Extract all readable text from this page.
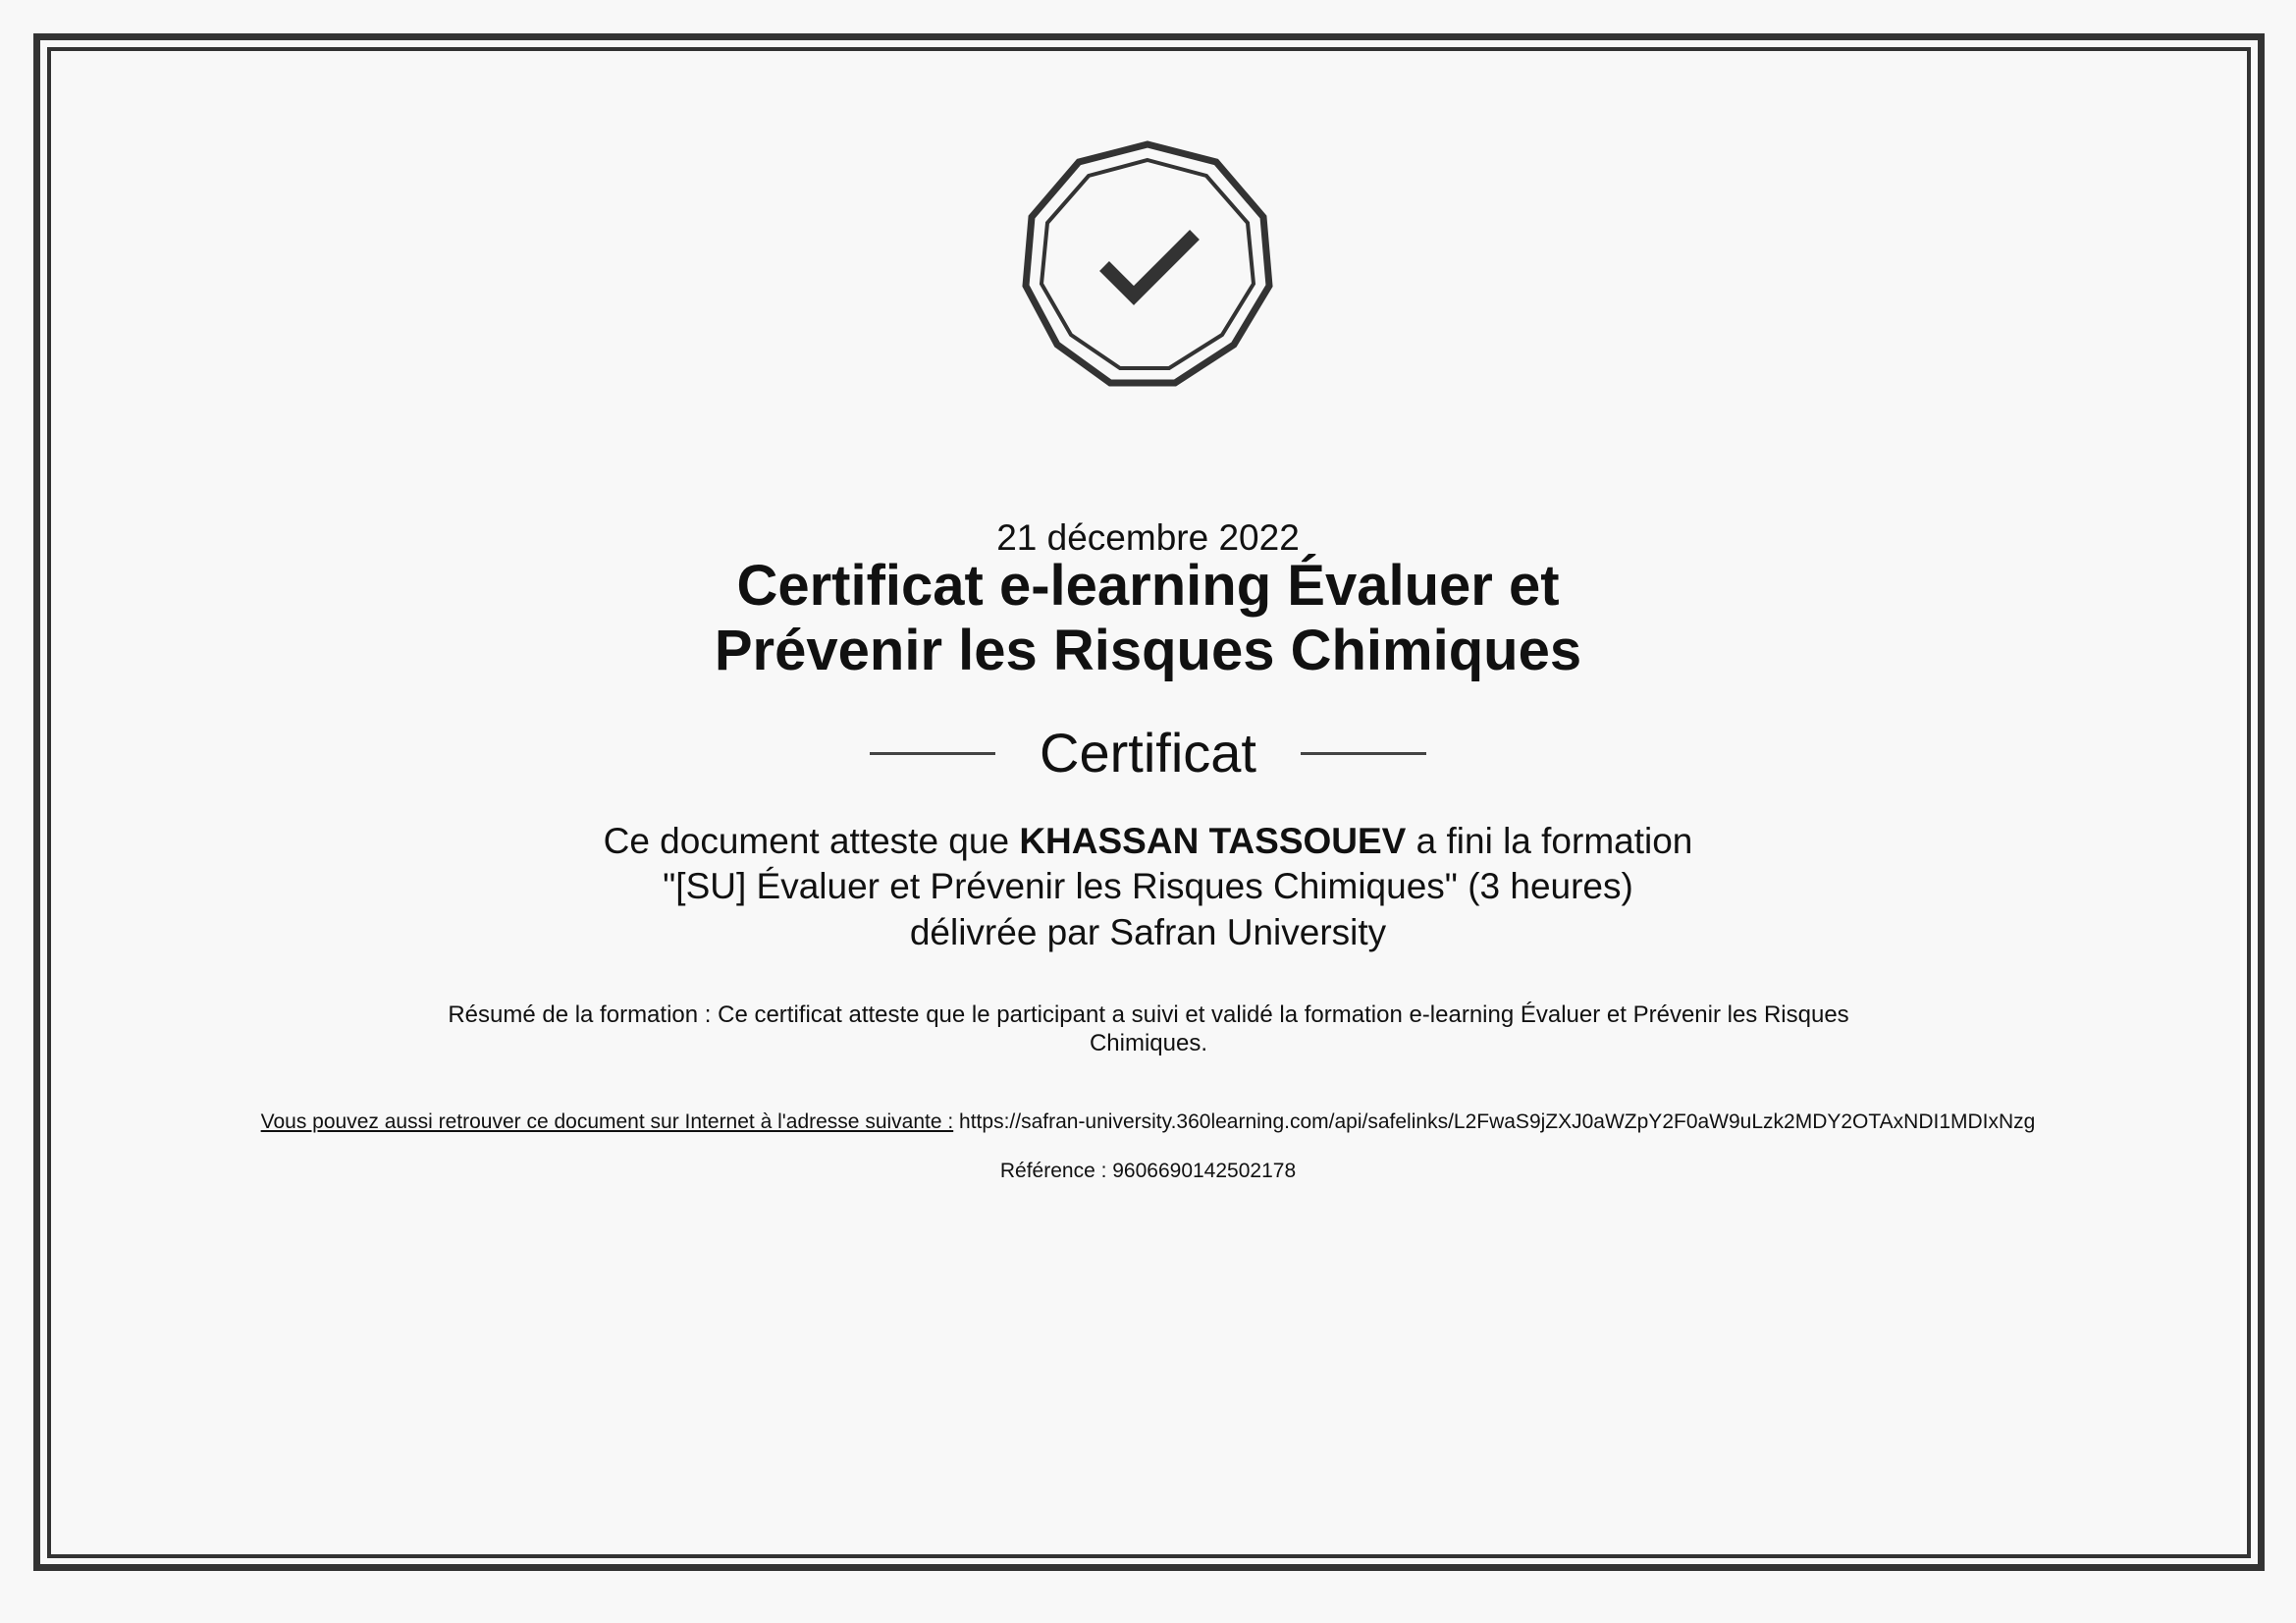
21 décembre 2022
Certificat e-learning Évaluer et
Prévenir les Risques Chimiques
Certificat
Ce document atteste que KHASSAN TASSOUEV a fini la formation
"[SU] Évaluer et Prévenir les Risques Chimiques" (3 heures)
délivrée par Safran University
Résumé de la formation : Ce certificat atteste que le participant a suivi et validé la formation e-learning Évaluer et Prévenir les Risques Chimiques.
Vous pouvez aussi retrouver ce document sur Internet à l'adresse suivante : https://safran-university.360learning.com/api/safelinks/L2FwaS9jZXJ0aWZpY2F0aW9uLzk2MDY2OTAxNDI1MDIxNzg
Référence : 9606690142502178
